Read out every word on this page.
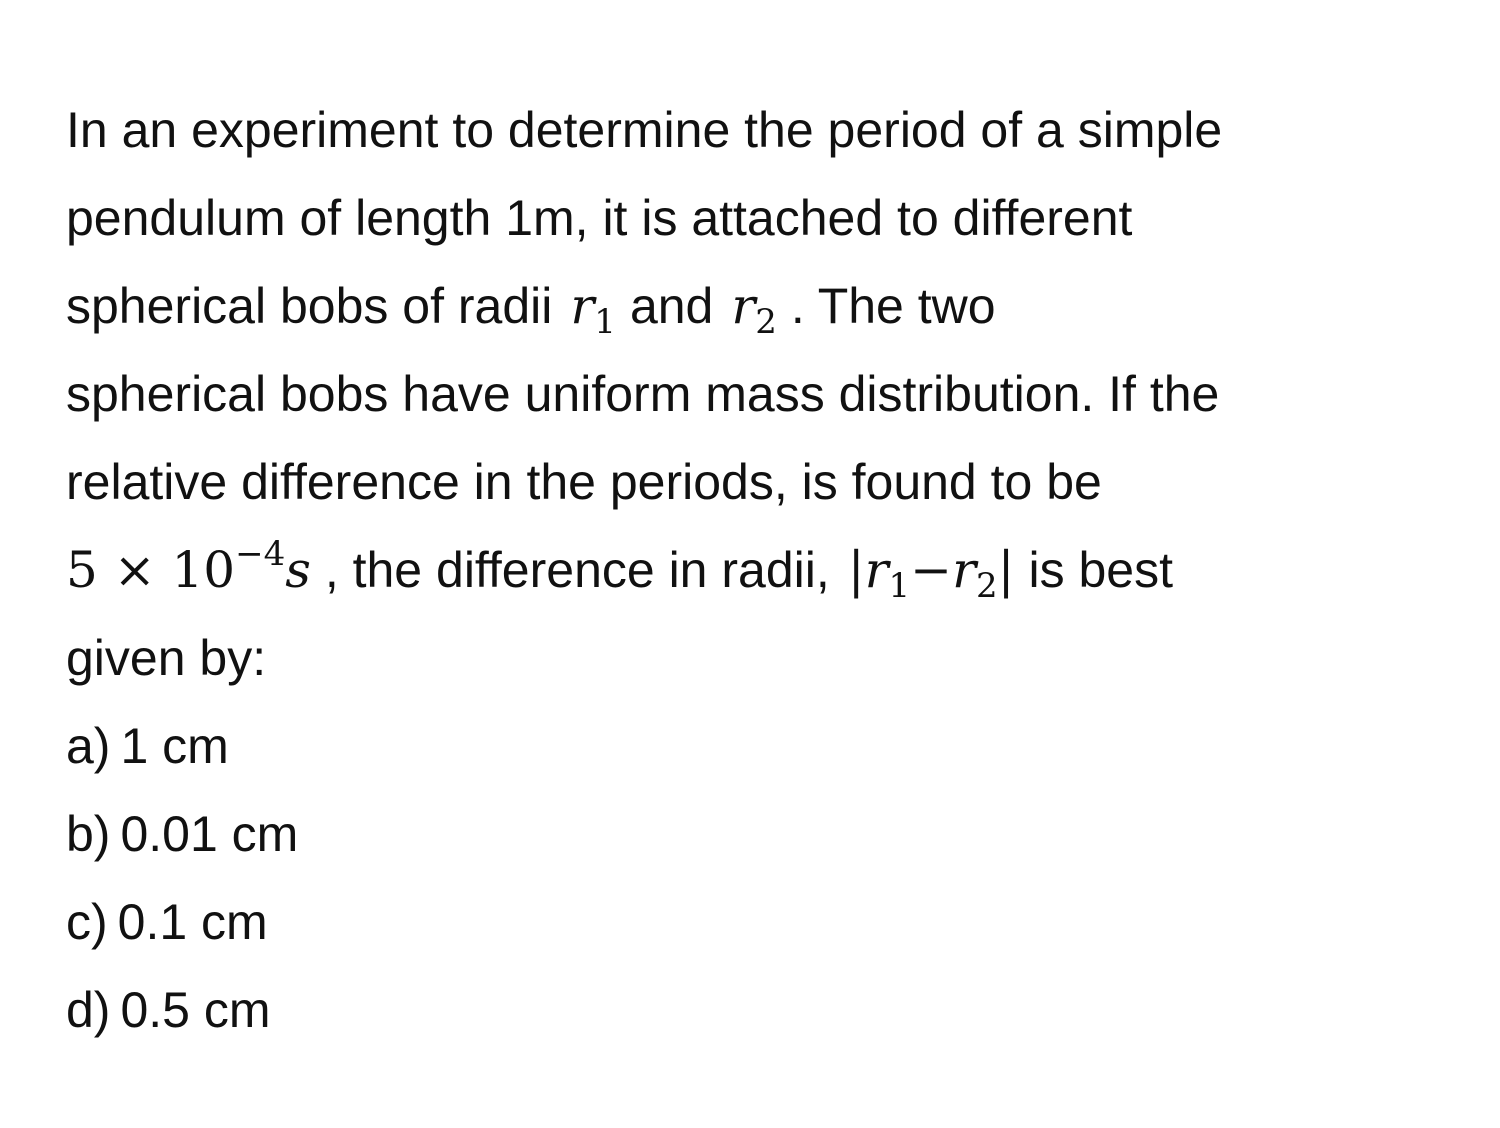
In an experiment to determine the period of a simple
pendulum of length 1m, it is attached to different
spherical bobs of radii $r_1$ and $r_2$ . The two
spherical bobs have uniform mass distribution. If the
relative difference in the periods, is found to be
$5 \times 10^{-4}s$ , the difference in radii, $|r_1-r_2|$ is best
given by:
a) 1 cm
b) 0.01 cm
c) 0.1 cm
d) 0.5 cm
